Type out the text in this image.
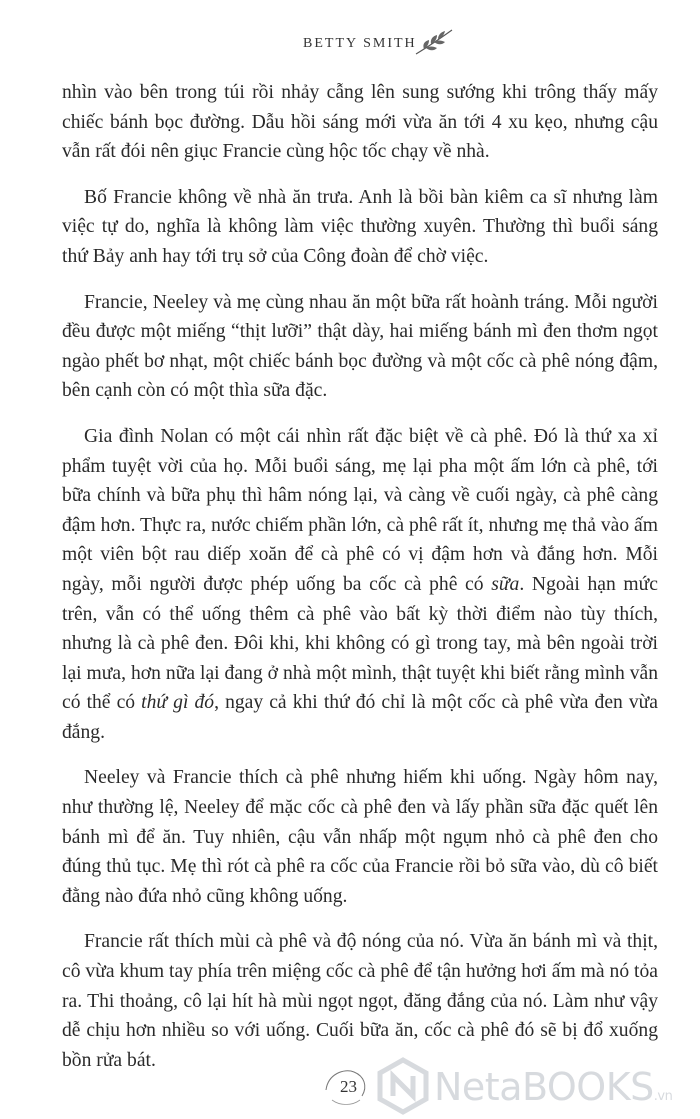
BETTY SMITH

nhìn vào bên trong túi rồi nhảy cẫng lên sung sướng khi trông thấy mấy chiếc bánh bọc đường. Dẫu hồi sáng mới vừa ăn tới 4 xu kẹo, nhưng cậu vẫn rất đói nên giục Francie cùng hộc tốc chạy về nhà.

Bố Francie không về nhà ăn trưa. Anh là bồi bàn kiêm ca sĩ nhưng làm việc tự do, nghĩa là không làm việc thường xuyên. Thường thì buổi sáng thứ Bảy anh hay tới trụ sở của Công đoàn để chờ việc.

Francie, Neeley và mẹ cùng nhau ăn một bữa rất hoành tráng. Mỗi người đều được một miếng “thịt lưỡi” thật dày, hai miếng bánh mì đen thơm ngọt ngào phết bơ nhạt, một chiếc bánh bọc đường và một cốc cà phê nóng đậm, bên cạnh còn có một thìa sữa đặc.

Gia đình Nolan có một cái nhìn rất đặc biệt về cà phê. Đó là thứ xa xỉ phẩm tuyệt vời của họ. Mỗi buổi sáng, mẹ lại pha một ấm lớn cà phê, tới bữa chính và bữa phụ thì hâm nóng lại, và càng về cuối ngày, cà phê càng đậm hơn. Thực ra, nước chiếm phần lớn, cà phê rất ít, nhưng mẹ thả vào ấm một viên bột rau diếp xoăn để cà phê có vị đậm hơn và đắng hơn. Mỗi ngày, mỗi người được phép uống ba cốc cà phê có sữa. Ngoài hạn mức trên, vẫn có thể uống thêm cà phê vào bất kỳ thời điểm nào tùy thích, nhưng là cà phê đen. Đôi khi, khi không có gì trong tay, mà bên ngoài trời lại mưa, hơn nữa lại đang ở nhà một mình, thật tuyệt khi biết rằng mình vẫn có thể có thứ gì đó, ngay cả khi thứ đó chỉ là một cốc cà phê vừa đen vừa đắng.

Neeley và Francie thích cà phê nhưng hiếm khi uống. Ngày hôm nay, như thường lệ, Neeley để mặc cốc cà phê đen và lấy phần sữa đặc quết lên bánh mì để ăn. Tuy nhiên, cậu vẫn nhấp một ngụm nhỏ cà phê đen cho đúng thủ tục. Mẹ thì rót cà phê ra cốc của Francie rồi bỏ sữa vào, dù cô biết đằng nào đứa nhỏ cũng không uống.

Francie rất thích mùi cà phê và độ nóng của nó. Vừa ăn bánh mì và thịt, cô vừa khum tay phía trên miệng cốc cà phê để tận hưởng hơi ấm mà nó tỏa ra. Thi thoảng, cô lại hít hà mùi ngọt ngọt, đăng đắng của nó. Làm như vậy dễ chịu hơn nhiều so với uống. Cuối bữa ăn, cốc cà phê đó sẽ bị đổ xuống bồn rửa bát.

23 NetaBOOKS.vn
